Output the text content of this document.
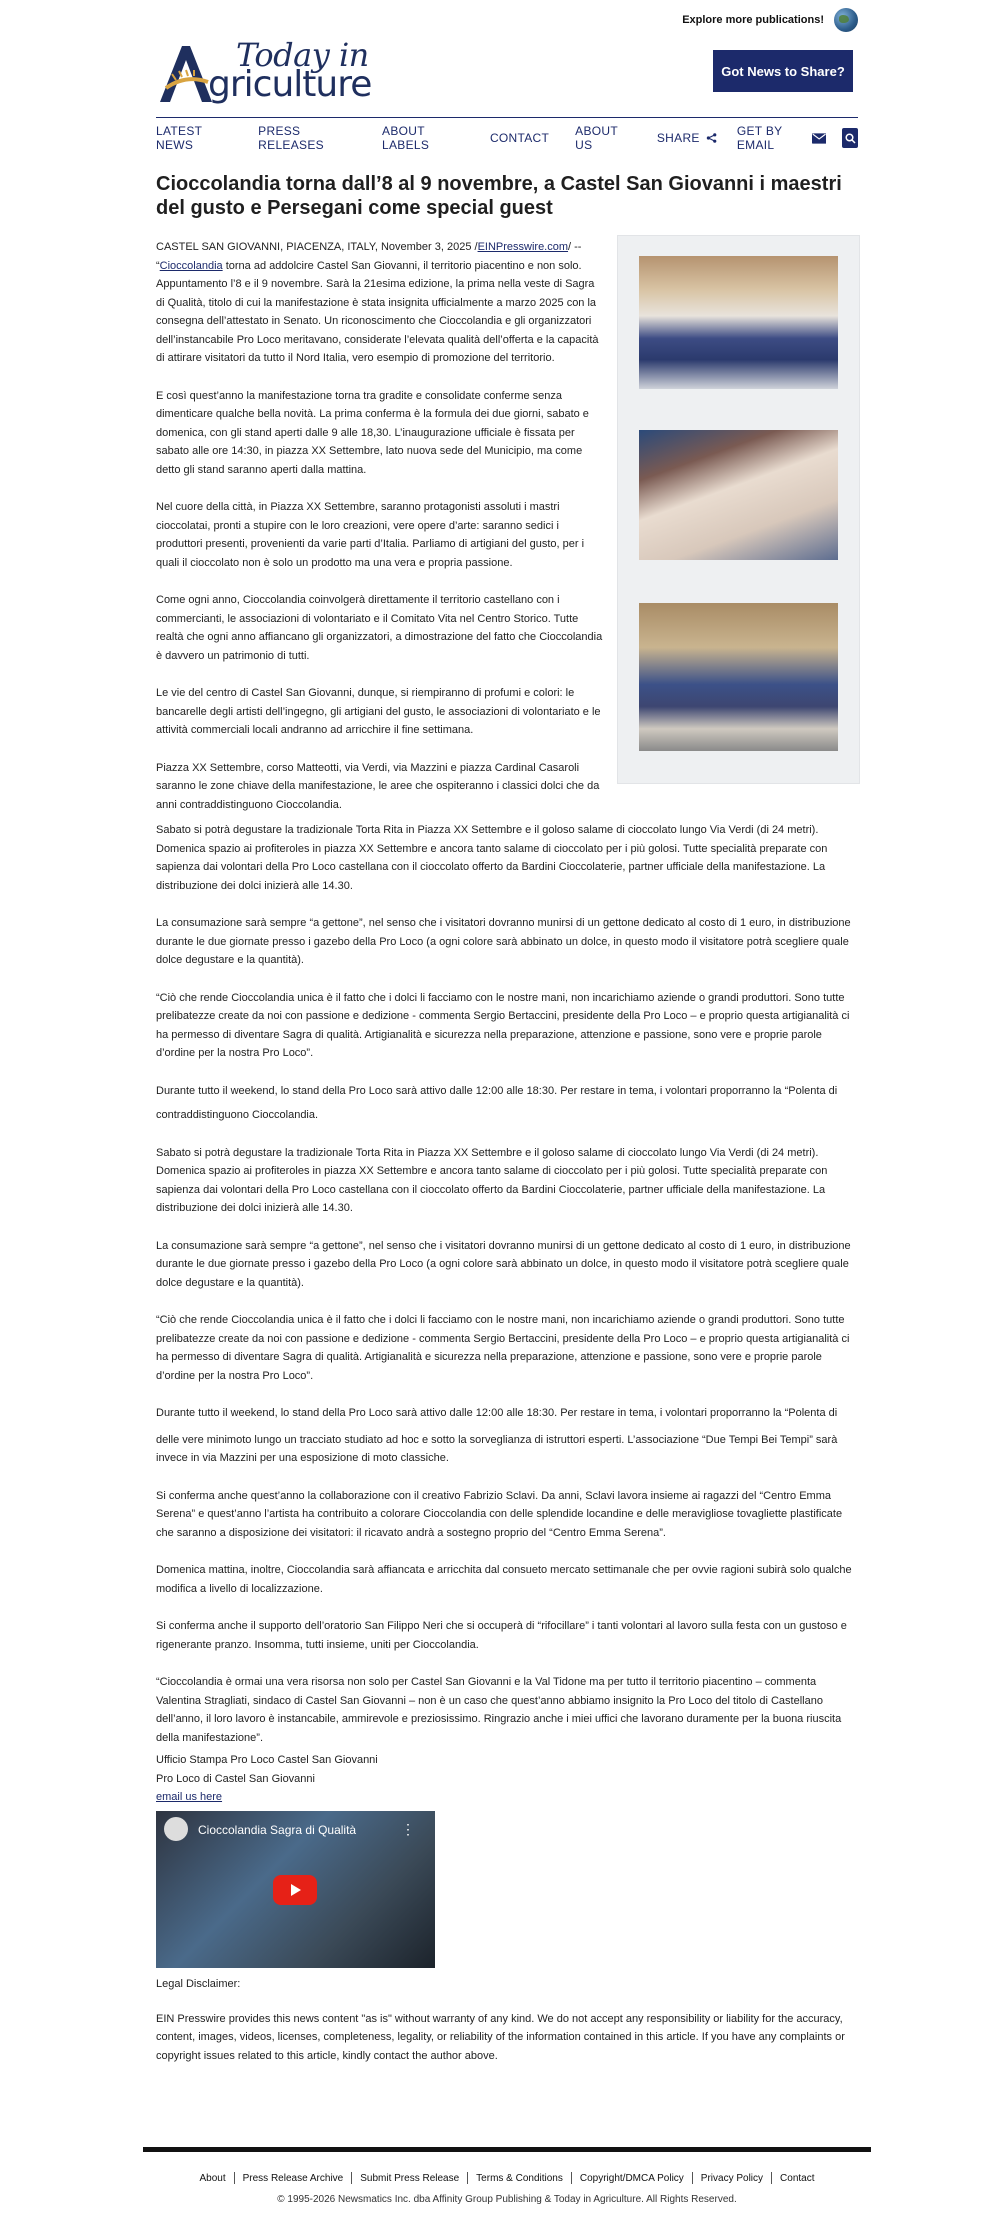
Explore more publications!
Today in
griculture	Got News to Share?
LATEST NEWS
PRESS RELEASES
ABOUT LABELS	CONTACT ABOUT US	SHARE	GET BY EMAIL
Cioccolandia torna dall’8 al 9 novembre, a Castel San Giovanni i maestri del gusto e Persegani come special guest

CASTEL SAN GIOVANNI, PIACENZA, ITALY, November 3, 2025 /EINPresswire.com/ --
“Cioccolandia torna ad addolcire Castel San Giovanni, il territorio piacentino e non solo. Appuntamento l’8 e il 9 novembre. Sarà la 21esima edizione, la prima nella veste di Sagra di Qualità, titolo di cui la manifestazione è stata insignita ufficialmente a marzo 2025 con la consegna dell’attestato in Senato. Un riconoscimento che Cioccolandia e gli organizzatori dell’instancabile Pro Loco meritavano, considerate l’elevata qualità dell’offerta e la capacità di attirare visitatori da tutto il Nord Italia, vero esempio di promozione del territorio.

E così quest’anno la manifestazione torna tra gradite e consolidate conferme senza dimenticare qualche bella novità. La prima conferma è la formula dei due giorni, sabato e domenica, con gli stand aperti dalle 9 alle 18,30. L’inaugurazione ufficiale è fissata per sabato alle ore 14:30, in piazza XX Settembre, lato nuova sede del Municipio, ma come detto gli stand saranno aperti dalla mattina.

Nel cuore della città, in Piazza XX Settembre, saranno protagonisti assoluti i mastri cioccolatai, pronti a stupire con le loro creazioni, vere opere d’arte: saranno sedici i produttori presenti, provenienti da varie parti d’Italia. Parliamo di artigiani del gusto, per i quali il cioccolato non è solo un prodotto ma una vera e propria passione.

Come ogni anno, Cioccolandia coinvolgerà direttamente il territorio castellano con i commercianti, le associazioni di volontariato e il Comitato Vita nel Centro Storico. Tutte realtà che ogni anno affiancano gli organizzatori, a dimostrazione del fatto che Cioccolandia è davvero un patrimonio di tutti.

Le vie del centro di Castel San Giovanni, dunque, si riempiranno di profumi e colori: le bancarelle degli artisti dell’ingegno, gli artigiani del gusto, le associazioni di volontariato e le attività commerciali locali andranno ad arricchire il fine settimana.

Piazza XX Settembre, corso Matteotti, via Verdi, via Mazzini e piazza Cardinal Casaroli saranno le zone chiave della manifestazione, le aree che ospiteranno i classici dolci che da anni contraddistinguono Cioccolandia.

Sabato si potrà degustare la tradizionale Torta Rita in Piazza XX Settembre e il goloso salame di cioccolato lungo Via Verdi (di 24 metri). Domenica spazio ai profiteroles in piazza XX Settembre e ancora tanto salame di cioccolato per i più golosi. Tutte specialità preparate con sapienza dai volontari della Pro Loco castellana con il cioccolato offerto da Bardini Cioccolaterie, partner ufficiale della manifestazione. La distribuzione dei dolci inizierà alle 14.30.

La consumazione sarà sempre “a gettone”, nel senso che i visitatori dovranno munirsi di un gettone dedicato al costo di 1 euro, in distribuzione durante le due giornate presso i gazebo della Pro Loco (a ogni colore sarà abbinato un dolce, in questo modo il visitatore potrà scegliere quale dolce degustare e la quantità).

“Ciò che rende Cioccolandia unica è il fatto che i dolci li facciamo con le nostre mani, non incarichiamo aziende o grandi produttori. Sono tutte prelibatezze create da noi con passione e dedizione - commenta Sergio Bertaccini, presidente della Pro Loco – e proprio questa artigianalità ci ha permesso di diventare Sagra di qualità. Artigianalità e sicurezza nella preparazione, attenzione e passione, sono vere e proprie parole d’ordine per la nostra Pro Loco”.

Durante tutto il weekend, lo stand della Pro Loco sarà attivo dalle 12:00 alle 18:30. Per restare in tema, i volontari proporranno la “Polenta di

contraddistinguono Cioccolandia.

Sabato si potrà degustare la tradizionale Torta Rita in Piazza XX Settembre e il goloso salame di cioccolato lungo Via Verdi (di 24 metri). Domenica spazio ai profiteroles in piazza XX Settembre e ancora tanto salame di cioccolato per i più golosi. Tutte specialità preparate con sapienza dai volontari della Pro Loco castellana con il cioccolato offerto da Bardini Cioccolaterie, partner ufficiale della manifestazione. La distribuzione dei dolci inizierà alle 14.30.

La consumazione sarà sempre “a gettone”, nel senso che i visitatori dovranno munirsi di un gettone dedicato al costo di 1 euro, in distribuzione durante le due giornate presso i gazebo della Pro Loco (a ogni colore sarà abbinato un dolce, in questo modo il visitatore potrà scegliere quale dolce degustare e la quantità).

“Ciò che rende Cioccolandia unica è il fatto che i dolci li facciamo con le nostre mani, non incarichiamo aziende o grandi produttori. Sono tutte prelibatezze create da noi con passione e dedizione - commenta Sergio Bertaccini, presidente della Pro Loco – e proprio questa artigianalità ci ha permesso di diventare Sagra di qualità. Artigianalità e sicurezza nella preparazione, attenzione e passione, sono vere e proprie parole d’ordine per la nostra Pro Loco”.

Durante tutto il weekend, lo stand della Pro Loco sarà attivo dalle 12:00 alle 18:30. Per restare in tema, i volontari proporranno la “Polenta di

delle vere minimoto lungo un tracciato studiato ad hoc e sotto la sorveglianza di istruttori esperti. L’associazione “Due Tempi Bei Tempi” sarà invece in via Mazzini per una esposizione di moto classiche.

Si conferma anche quest’anno la collaborazione con il creativo Fabrizio Sclavi. Da anni, Sclavi lavora insieme ai ragazzi del “Centro Emma Serena” e quest’anno l’artista ha contribuito a colorare Cioccolandia con delle splendide locandine e delle meravigliose tovagliette plastificate che saranno a disposizione dei visitatori: il ricavato andrà a sostegno proprio del “Centro Emma Serena”.

Domenica mattina, inoltre, Cioccolandia sarà affiancata e arricchita dal consueto mercato settimanale che per ovvie ragioni subirà solo qualche modifica a livello di localizzazione.

Si conferma anche il supporto dell’oratorio San Filippo Neri che si occuperà di “rifocillare” i tanti volontari al lavoro sulla festa con un gustoso e rigenerante pranzo. Insomma, tutti insieme, uniti per Cioccolandia.

“Cioccolandia è ormai una vera risorsa non solo per Castel San Giovanni e la Val Tidone ma per tutto il territorio piacentino – commenta Valentina Stragliati, sindaco di Castel San Giovanni – non è un caso che quest’anno abbiamo insignito la Pro Loco del titolo di Castellano dell’anno, il loro lavoro è instancabile, ammirevole e preziosissimo. Ringrazio anche i miei uffici che lavorano duramente per la buona riuscita della manifestazione”.

Ufficio Stampa Pro Loco Castel San Giovanni
Pro Loco di Castel San Giovanni
email us here
Cioccolandia Sagra di Qualità	⋮

Legal Disclaimer:

EIN Presswire provides this news content "as is" without warranty of any kind. We do not accept any responsibility or liability for the accuracy, content, images, videos, licenses, completeness, legality, or reliability of the information contained in this article. If you have any complaints or copyright issues related to this article, kindly contact the author above.

About Press Release Archive Submit Press Release Terms & Conditions Copyright/DMCA Policy Privacy Policy Contact
© 1995-2026 Newsmatics Inc. dba Affinity Group Publishing & Today in Agriculture. All Rights Reserved.
